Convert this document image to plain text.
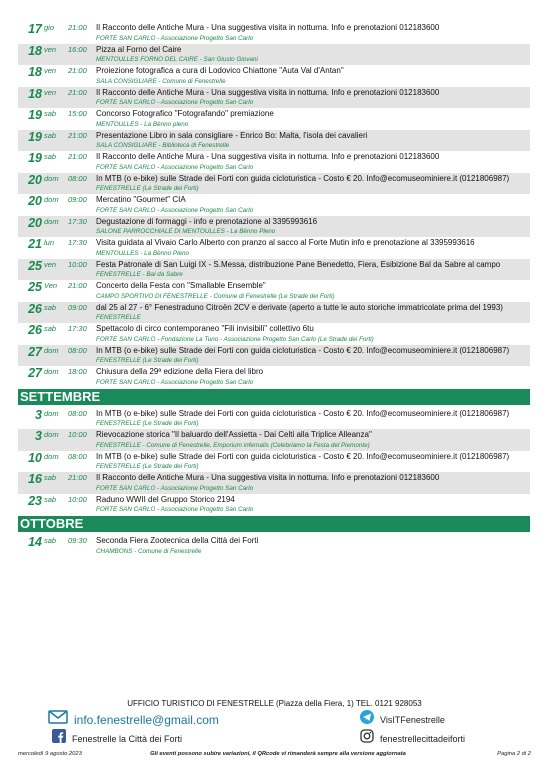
17 gio	21:00	Il Racconto delle Antiche Mura - Una suggestiva visita in notturna. Info e prenotazioni 012183600
FORTE SAN CARLO - Associazione Progetto San Carlo
18 ven	16:00	Pizza al Forno del Caire
MENTOULLES FORNO DEL CAIRE - San Giusto Giovani
18 ven	21:00	Proiezione fotografica a cura di Lodovico Chiattone "Auta Val d'Antan"
SALA CONSIGLIARE - Comune di Fenestrelle
18 ven	21:00	Il Racconto delle Antiche Mura - Una suggestiva visita in notturna. Info e prenotazioni 012183600
FORTE SAN CARLO - Associazione Progetto San Carlo
19 sab	15:00	Concorso Fotografico "Fotografando" premiazione
MENTOULLES - La Bënno pleno
19 sab	21:00	Presentazione Libro in sala consigliare - Enrico Bo: Malta, l'isola dei cavalieri
SALA CONSIGLIARE - Biblioteca di Fenestrelle
19 sab	21:00	Il Racconto delle Antiche Mura - Una suggestiva visita in notturna. Info e prenotazioni 012183600
FORTE SAN CARLO - Associazione Progetto San Carlo
20 dom	08:00	In MTB (o e-bike) sulle Strade dei Forti con guida cicloturistica - Costo € 20. Info@ecomuseominiere.it (0121806987)
FENESTRELLE (Le Strade dei Forti)
20 dom	09:00	Mercatino "Gourmet" CIA
FORTE SAN CARLO - Associazione Progetto San Carlo
20 dom	17:30	Degustazione di formaggi - info e prenotazione al 3395993616
SALONE PARROCCHIALE DI MENTOULLES - La Bënno Pleno
21 lun	17:30	Visita guidata al Vivaio Carlo Alberto con pranzo al sacco al Forte Mutin info e prenotazione al 3395993616
MENTOULLES - La Bënno Pleno
25 ven	10:00	Festa Patronale di San Luigi IX - S.Messa, distribuzione Pane Benedetto, Fiera, Esibizione Bal da Sabre al campo
FENESTRELLE - Bal da Sabre
25 Ven	21:00	Concerto della Festa con "Smallable Ensemble"
CAMPO SPORTIVO DI FENESTRELLE - Comune di Fenestrelle (Le Strade dei Forti)
26 sab	09:00	dal 25 al 27 - 6° Fenestraduno Citroën 2CV e derivate (aperto a tutte le auto storiche immatricolate prima del 1993)
FENESTRELLE
26 sab	17:30	Spettacolo di circo contemporaneo "Fili invisibili" collettivo 6tu
FORTE SAN CARLO - Fondazione La Tuno - Associazione Progetto San Carlo (Le Strade dei Forti)
27 dom	08:00	In MTB (o e-bike) sulle Strade dei Forti con guida cicloturistica - Costo € 20. Info@ecomuseominiere.it (0121806987)
FENESTRELLE (Le Strade dei Forti)
27 dom	18:00	Chiusura della 29ª edizione della Fiera del libro
FORTE SAN CARLO - Associazione Progetto San Carlo
SETTEMBRE
3 dom	08:00	In MTB (o e-bike) sulle Strade dei Forti con guida cicloturistica - Costo € 20. Info@ecomuseominiere.it (0121806987)
FENESTRELLE (Le Strade dei Forti)
3 dom	10:00	Rievocazione storica "Il baluardo dell'Assietta - Dai Celti alla Triplice Alleanza"
FENESTRELLE - Comune di Fenestrelle, Emporium infernalis (Celebriamo la Festa del Piemonte)
10 dom	08:00	In MTB (o e-bike) sulle Strade dei Forti con guida cicloturistica - Costo € 20. Info@ecomuseominiere.it (0121806987)
FENESTRELLE (Le Strade dei Forti)
16 sab	21:00	Il Racconto delle Antiche Mura - Una suggestiva visita in notturna. Info e prenotazioni 012183600
FORTE SAN CARLO - Associazione Progetto San Carlo
23 sab	10:00	Raduno WWII del Gruppo Storico 2194
FORTE SAN CARLO - Associazione Progetto San Carlo
OTTOBRE
14 sab	09:30	Seconda Fiera Zootecnica della Città dei Forti
CHAMBONS - Comune di Fenestrelle
UFFICIO TURISTICO DI FENESTRELLE (Piazza della Fiera, 1) TEL. 0121 928053
info.fenestrelle@gmail.com	VisITFenestrelle
Fenestrelle la Città dei Forti	fenestrellecittadeiforti
mercoledì 9 agosto 2023	Gli eventi possono subire variazioni, il QRcode vi rimanderà sempre alla versione aggiornata	Pagina 2 di 2
